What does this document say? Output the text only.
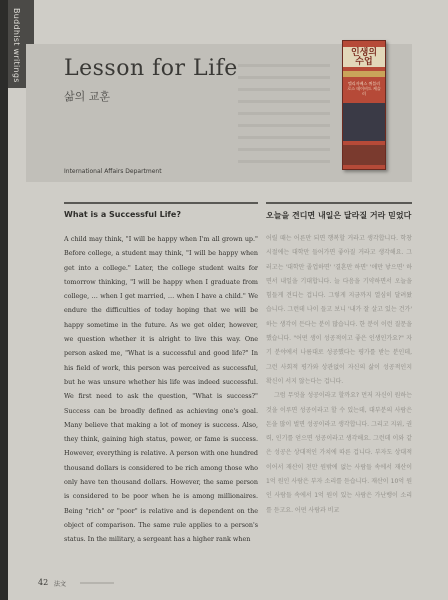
Buddhist writings Lesson for Life
삶의 교훈
International Affairs Department
인생의 수업
엘리자베스 퀴블러 로스 데이비드 케슬러
What is a Successful Life?	오늘을 견디면 내일은 달라질 거라 믿었다

A child may think, "I will be happy when I'm all grown up." Before college, a student may think, "I will be happy when get into a college." Later, the college student waits for tomorrow thinking, "I will be happy when I graduate from college, … when I get married, … when I have a child." We endure the difficulties of today hoping that we will be happy sometime in the future. As we get older, however, we question whether it is alright to live this way. One person asked me, "What is a successful and good life?" In his field of work, this person was perceived as successful, but he was unsure whether his life was indeed successful. We first need to ask the question, "What is success?" Success can be broadly defined as achieving one's goal. Many believe that making a lot of money is success. Also, they think, gaining high status, power, or fame is success. However, everything is relative. A person with one hundred thousand dollars is considered to be rich among those who only have ten thousand dollars. However, the same person is considered to be poor when he is among millionaires. Being "rich" or "poor" is relative and is dependent on the object of comparison. The same rule applies to a person's status. In the military, a sergeant has a higher rank when

어릴 때는 어른만 되면 행복할 거라고 생각합니다. 학창시절에는 대학만 들어가면 좋아질 거라고 생각해요. 그러고는 '대학만 졸업하면' '결혼만 하면' '애만 낳으면' 하면서 내일을 기대합니다. 늘 다음을 기약하면서 오늘을 힘들게 견디는 겁니다. 그렇게 지금까지 열심히 달려왔습니다. 그런데 나이 들고 보니 '내가 잘 살고 있는 건가' 하는 생각이 든다는 분이 많습니다. 한 분이 이런 질문을 했습니다. "어떤 생이 성공적이고 좋은 인생인가요?" 자기 분야에서 나름대로 성공했다는 평가를 받는 분인데, 그런 사회적 평가와 상관없이 자신의 삶이 성공적인지 확신이 서지 않는다는 겁니다.

그럼 무엇을 성공이라고 할까요? 먼저 자신이 원하는 것을 이루면 성공이라고 할 수 있는데, 대부분의 사람은 돈을 많이 벌면 성공이라고 생각합니다. 그리고 지위, 권력, 인기를 얻으면 성공이라고 생각해요. 그런데 이와 같은 성공은 상대적인 가치에 따른 겁니다. 부자도 상대적이어서 재산이 천만 원밖에 없는 사람들 속에서 재산이 1억 원인 사람은 부자 소리를 듣습니다. 재산이 10억 원인 사람들 속에서 1억 원이 있는 사람은 가난뱅이 소리를 듣고요. 어떤 사람과 비교

42 法文
